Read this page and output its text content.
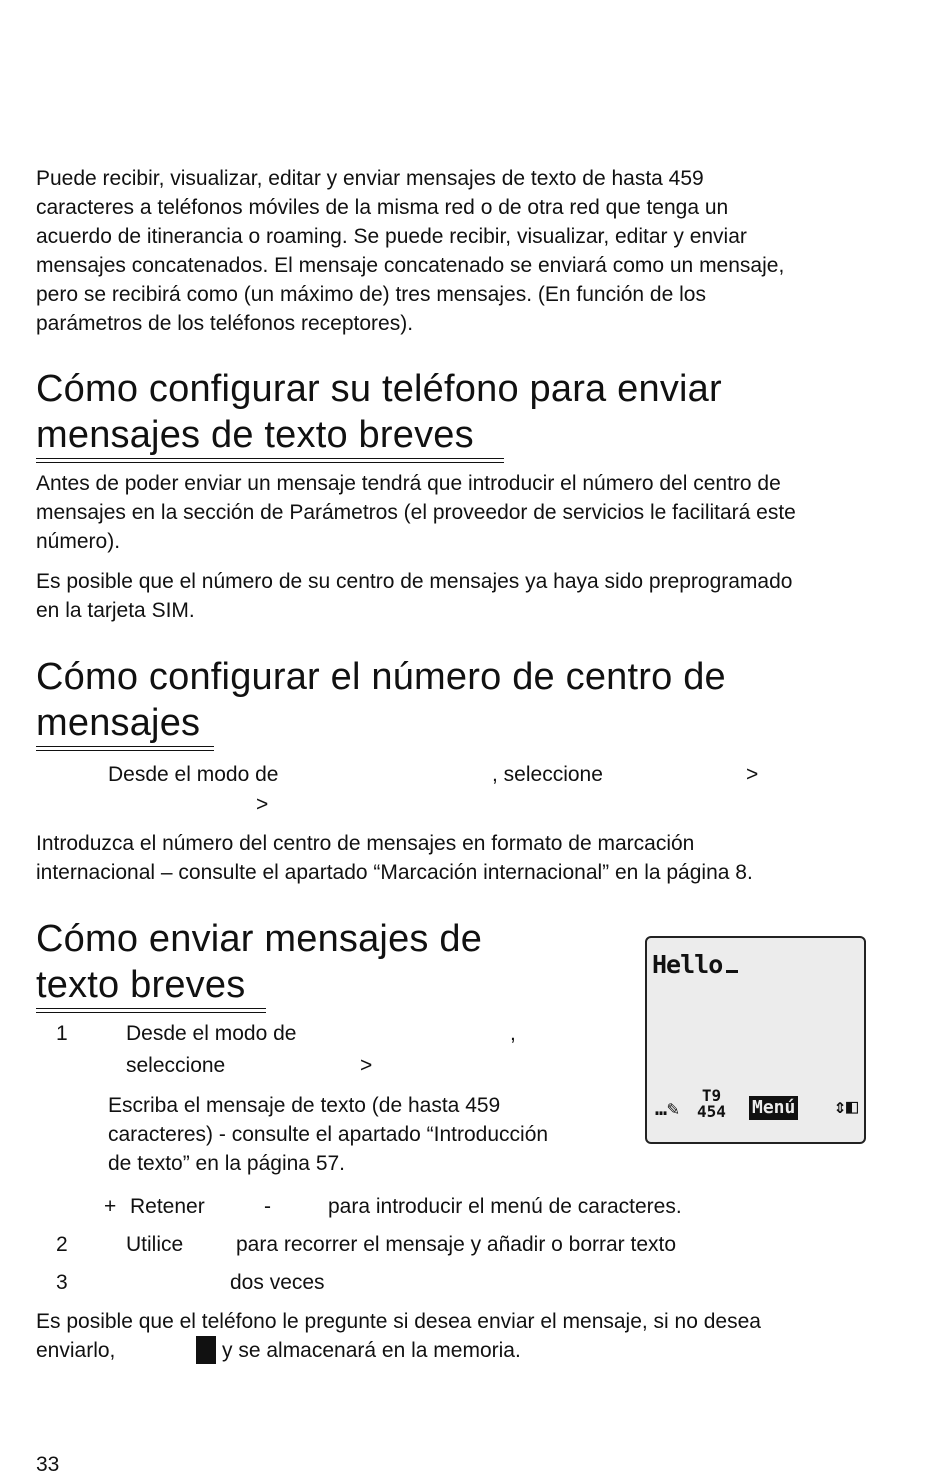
Puede recibir, visualizar, editar y enviar mensajes de texto de hasta 459

caracteres a teléfonos móviles de la misma red o de otra red que tenga un

acuerdo de itinerancia o roaming. Se puede recibir, visualizar, editar y enviar

mensajes concatenados. El mensaje concatenado se enviará como un mensaje,

pero se recibirá como (un máximo de) tres mensajes. (En función de los

parámetros de los teléfonos receptores).

Cómo configurar su teléfono para enviar
mensajes de texto breves

Antes de poder enviar un mensaje tendrá que introducir el número del centro de

mensajes en la sección de Parámetros (el proveedor de servicios le facilitará este

número).

Es posible que el número de su centro de mensajes ya haya sido preprogramado

en la tarjeta SIM.

Cómo configurar el número de centro de
mensajes
Desde el modo de	, seleccione	>
>

Introduzca el número del centro de mensajes en formato de marcación

internacional – consulte el apartado “Marcación internacional” en la página 8.

Cómo enviar mensajes de
texto breves
1	Desde el modo de	,
seleccione	>

Escriba el mensaje de texto (de hasta 459

caracteres) - consulte el apartado “Introducción

de texto” en la página 57.

+ Retener	-	para introducir el menú de caracteres.
2	Utilice	para recorrer el mensaje y añadir o borrar texto
3	dos veces
Es posible que el teléfono le pregunte si desea enviar el mensaje, si no desea
enviarlo,	y se almacenará en la memoria.
Hello
…✎
T9
454 Menú ⇕◧
33
